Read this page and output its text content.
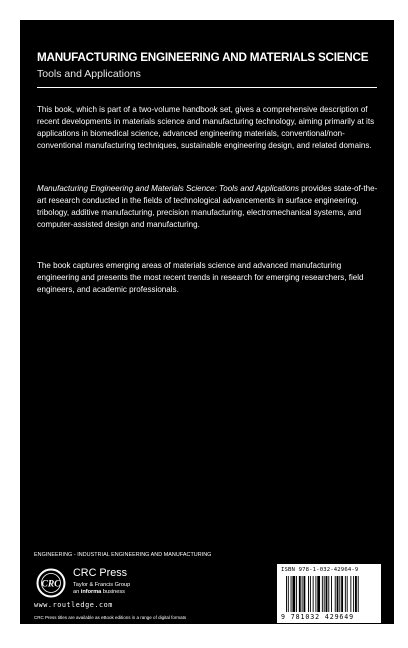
MANUFACTURING ENGINEERING AND MATERIALS SCIENCE
Tools and Applications

This book, which is part of a two-volume handbook set, gives a comprehensive description of recent developments in materials science and manufacturing technology, aiming primarily at its applications in biomedical science, advanced engineering materials, conventional/non-conventional manufacturing techniques, sustainable engineering design, and related domains.

Manufacturing Engineering and Materials Science: Tools and Applications provides state-of-the-art research conducted in the fields of technological advancements in surface engineering, tribology, additive manufacturing, precision manufacturing, electromechanical systems, and computer-assisted design and manufacturing.

The book captures emerging areas of materials science and advanced manufacturing engineering and presents the most recent trends in research for emerging researchers, field engineers, and academic professionals.

ENGINEERING - INDUSTRIAL ENGINEERING AND MANUFACTURING
CRC
CRC Press
Taylor & Francis Group
an informa business
www.routledge.com
CRC Press titles are available as eBook editions in a range of digital formats
ISBN 978-1-032-42964-9
9 781032 429649
